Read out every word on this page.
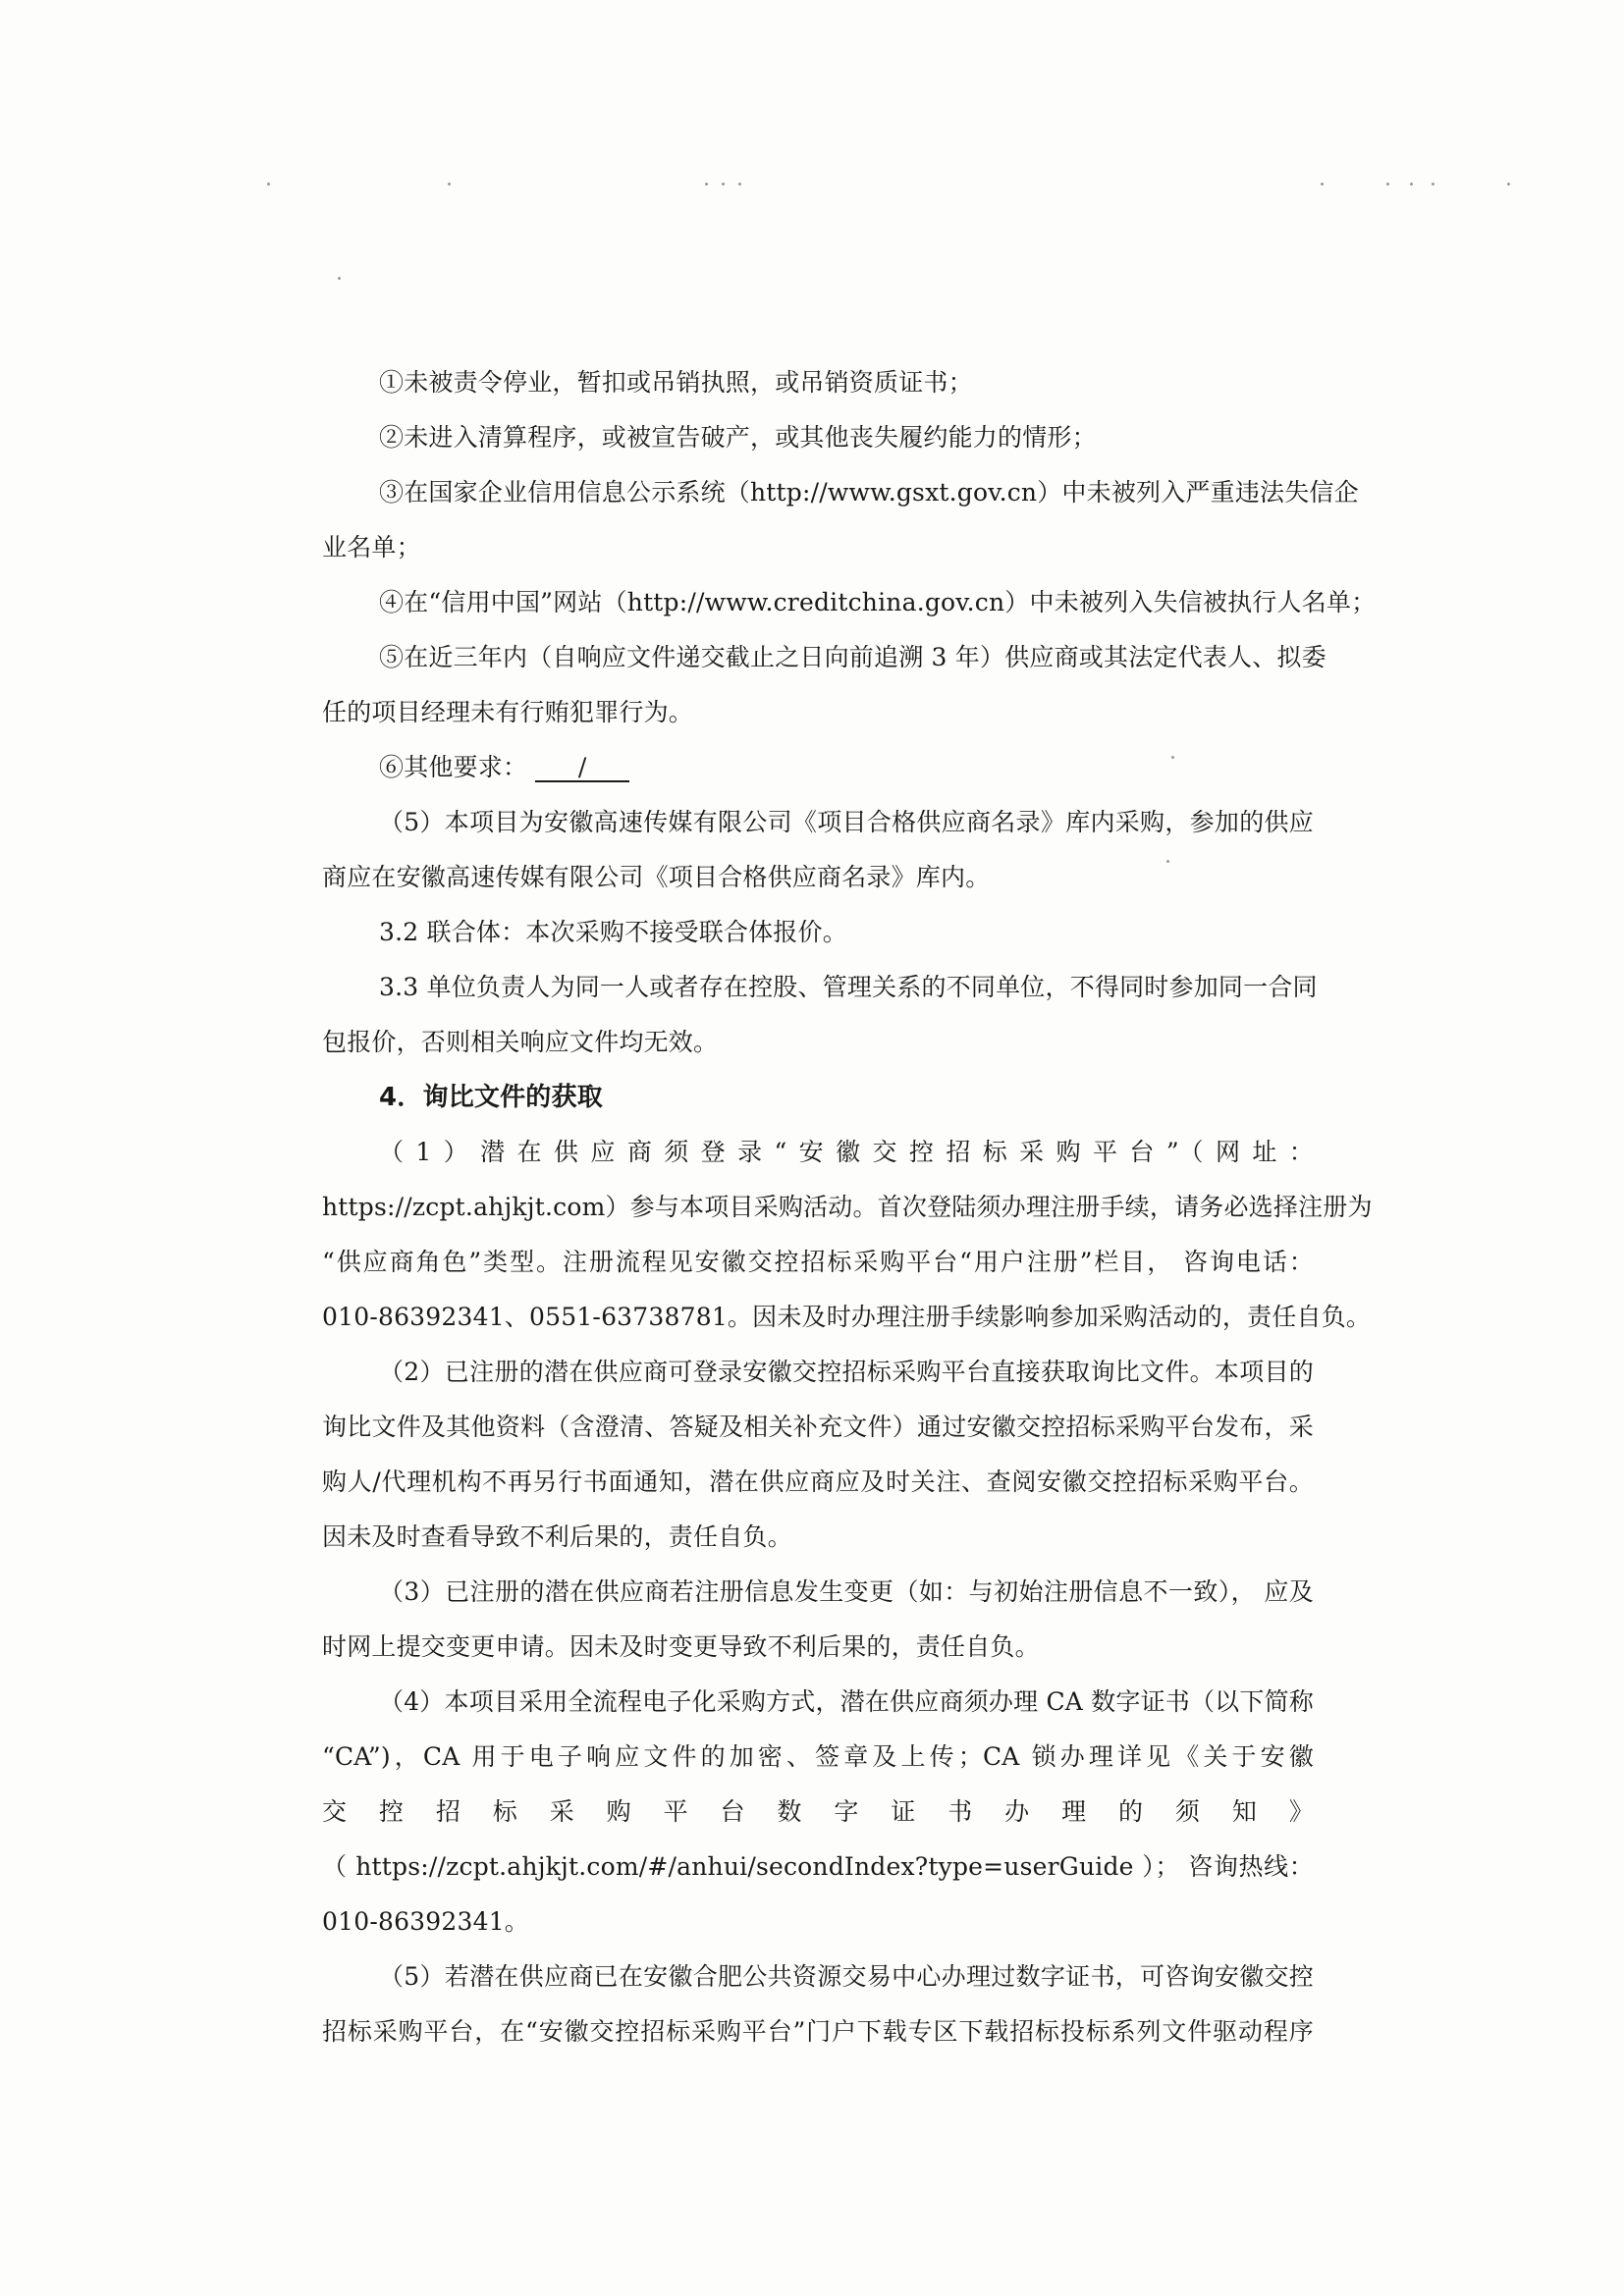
①未被责令停业，暂扣或吊销执照，或吊销资质证书；
②未进入清算程序，或被宣告破产，或其他丧失履约能力的情形；
③在国家企业信用信息公示系统（http://www.gsxt.gov.cn）中未被列入严重违法失信企
业名单；
④在“信用中国”网站（http://www.creditchina.gov.cn）中未被列入失信被执行人名单；
⑤在近三年内（自响应文件递交截止之日向前追溯 3 年）供应商或其法定代表人、拟委
任的项目经理未有行贿犯罪行为。
⑥其他要求： /
（5）本项目为安徽高速传媒有限公司《项目合格供应商名录》库内采购，参加的供应
商应在安徽高速传媒有限公司《项目合格供应商名录》库内。
3.2 联合体：本次采购不接受联合体报价。
3.3 单位负责人为同一人或者存在控股、管理关系的不同单位，不得同时参加同一合同
包报价，否则相关响应文件均无效。
4．询比文件的获取
（1）潜在供应商须登录“安徽交控招标采购平台”（网址：
https://zcpt.ahjkjt.com）参与本项目采购活动。首次登陆须办理注册手续，请务必选择注册为
“供应商角色”类型。注册流程见安徽交控招标采购平台“用户注册”栏目， 咨询电话：
010-86392341、0551-63738781。因未及时办理注册手续影响参加采购活动的，责任自负。
（2）已注册的潜在供应商可登录安徽交控招标采购平台直接获取询比文件。本项目的
询比文件及其他资料（含澄清、答疑及相关补充文件）通过安徽交控招标采购平台发布，采
购人/代理机构不再另行书面通知，潜在供应商应及时关注、查阅安徽交控招标采购平台。
因未及时查看导致不利后果的，责任自负。
（3）已注册的潜在供应商若注册信息发生变更（如：与初始注册信息不一致）， 应及
时网上提交变更申请。因未及时变更导致不利后果的，责任自负。
（4）本项目采用全流程电子化采购方式，潜在供应商须办理 CA 数字证书（以下简称
“CA”)，CA 用于电子响应文件的加密、签章及上传；CA 锁办理详见《关于安徽
交控招标采购平台数字证书办理的须知》
（ https://zcpt.ahjkjt.com/#/anhui/secondIndex?type=userGuide ）； 咨询热线：
010-86392341。
（5）若潜在供应商已在安徽合肥公共资源交易中心办理过数字证书，可咨询安徽交控
招标采购平台，在“安徽交控招标采购平台”门户下载专区下载招标投标系列文件驱动程序
